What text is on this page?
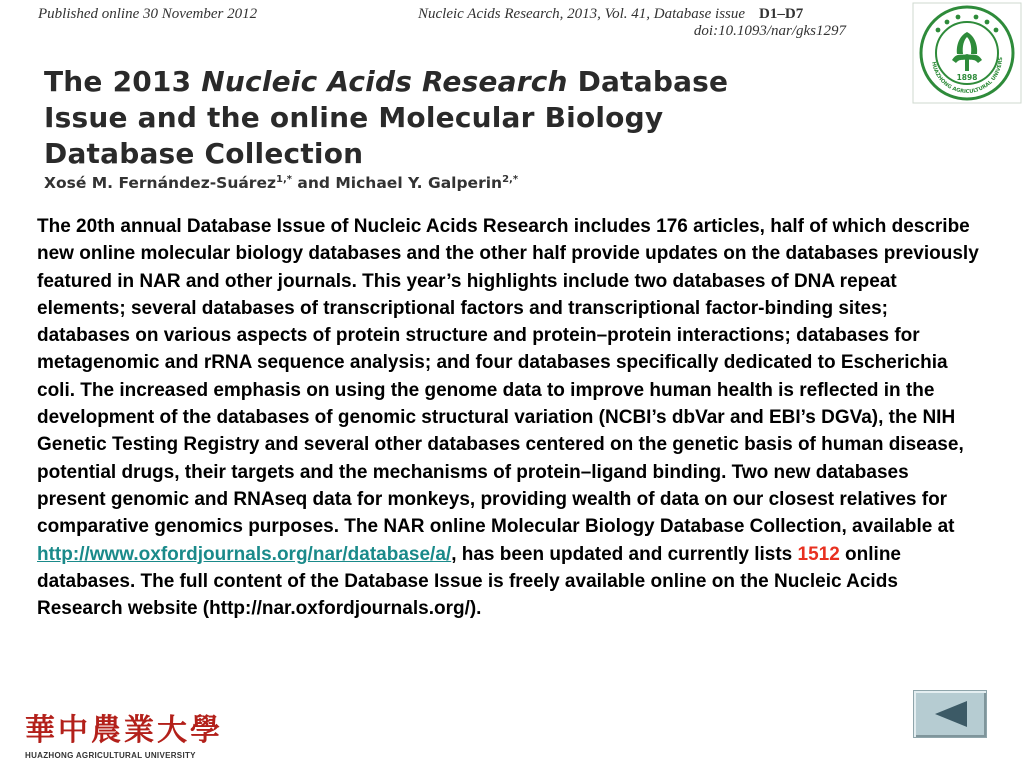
Published online 30 November 2012	Nucleic Acids Research, 2013, Vol. 41, Database issue D1–D7
doi:10.1093/nar/gks1297
The 2013 Nucleic Acids Research Database
Issue and the online Molecular Biology
Database Collection
Xosé M. Fernández-Suárez$^{1,*}$ and Michael Y. Galperin$^{2,*}$
1898
HUAZHONG AGRICULTURAL UNIVERS
The 20th annual Database Issue of Nucleic Acids Research includes 176 articles, half of which describe new online molecular biology databases and the other half provide updates on the databases previously featured in NAR and other journals. This year’s highlights include two databases of DNA repeat elements; several databases of transcriptional factors and transcriptional factor-binding sites; databases on various aspects of protein structure and protein–protein interactions; databases for metagenomic and rRNA sequence analysis; and four databases specifically dedicated to Escherichia coli. The increased emphasis on using the genome data to improve human health is reflected in the development of the databases of genomic structural variation (NCBI’s dbVar and EBI’s DGVa), the NIH Genetic Testing Registry and several other databases centered on the genetic basis of human disease, potential drugs, their targets and the mechanisms of protein–ligand binding. Two new databases present genomic and RNAseq data for monkeys, providing wealth of data on our closest relatives for comparative genomics purposes. The NAR online Molecular Biology Database Collection, available at http://www.oxfordjournals.org/nar/database/a/, has been updated and currently lists 1512 online databases. The full content of the Database Issue is freely available online on the Nucleic Acids Research website (http://nar.oxfordjournals.org/).
華中農業大學
HUAZHONG AGRICULTURAL UNIVERSITY
